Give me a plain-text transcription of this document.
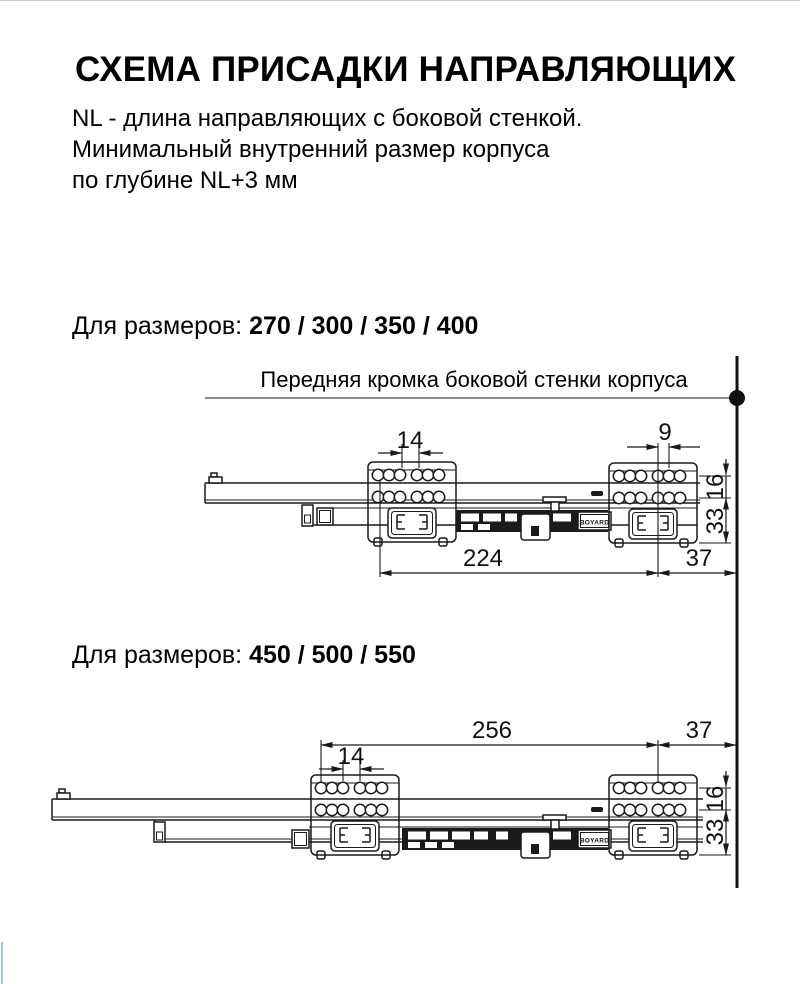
СХЕМА ПРИСАДКИ НАПРАВЛЯЮЩИХ
NL - длина направляющих с боковой стенкой.
Минимальный внутренний размер корпуса
по глубине NL+3 мм
Для размеров: 270 / 300 / 350 / 400
Передняя кромка боковой стенки корпуса
Для размеров: 450 / 500 / 550
BOYARD
14	9
16
33
224	37
BOYARD
14
256	37
16
33
